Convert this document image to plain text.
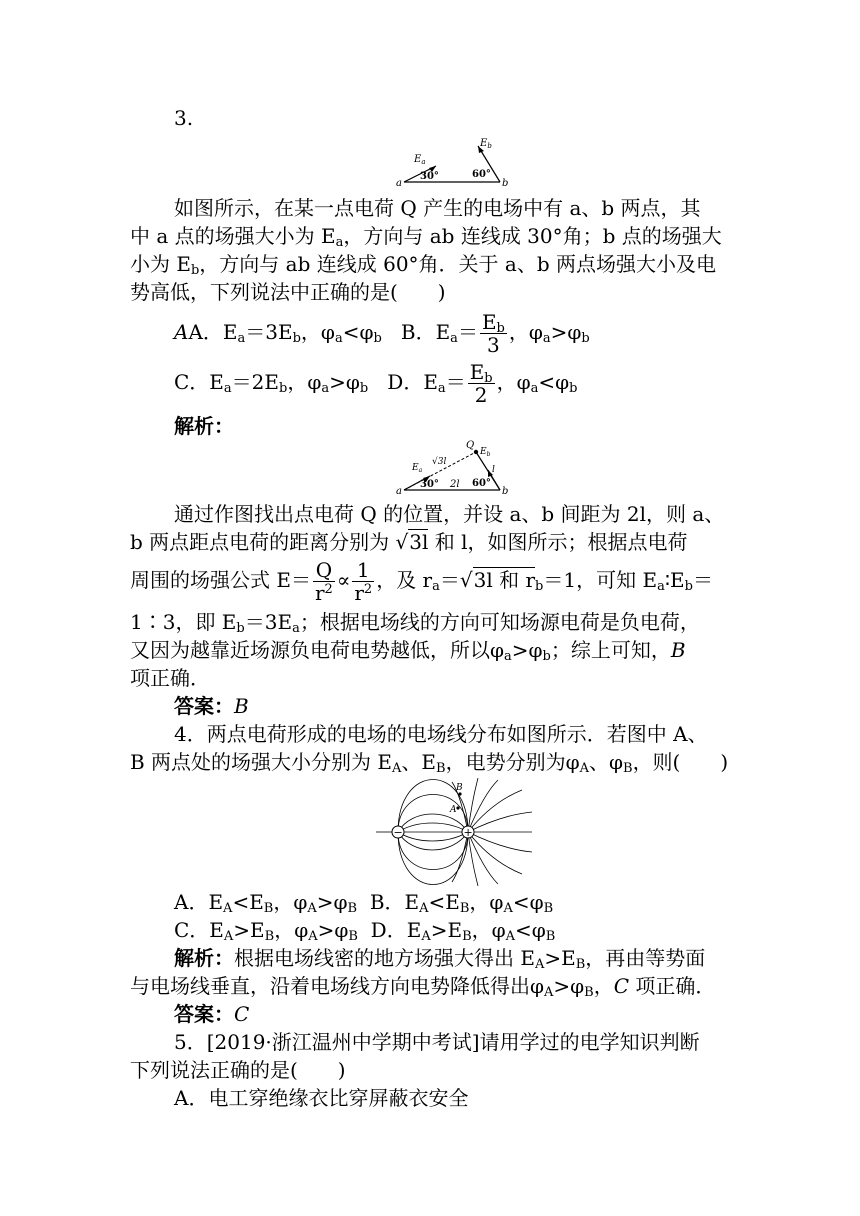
3.
$E_a$
$E_b$
30°	60°
a	b
如图所示，在某一点电荷 Q 产生的电场中有 a、b 两点，其
中 a 点的场强大小为 $E_a$，方向与 ab 连线成 30°角；b 点的场强大
小为 $E_b$，方向与 ab 连线成 60°角．关于 a、b 两点场强大小及电
势高低，下列说法中正确的是(　　)
AA．$E_a=3E_b$，$\varphi_a<\varphi_b$ B．$E_a= \frac{E_b}{3}$ ，$\varphi_a>\varphi_b$
C．$E_a=2E_b$，$\varphi_a>\varphi_b$ D．$E_a= \frac{E_b}{2}$ ，$\varphi_a<\varphi_b$
解析：
Q
$E_b$
$E_a$
√3l
l
30° 2l 60°
a	b
通过作图找出点电荷 Q 的位置，并设 a、b 间距为 2l，则 a、
b 两点距点电荷的距离分别为 √3l 和 l，如图所示；根据点电荷
周围的场强公式 $E= \frac{Q}{r^2} \propto \frac{1}{r^2}$ ，及 $r_a=√3l$ 和 $r_b=1$，可知 $E_a∶E_b=$
1∶3，即 $E_b=3E_a$；根据电场线的方向可知场源电荷是负电荷，
又因为越靠近场源负电荷电势越低，所以$\varphi_a>\varphi_b$；综上可知，B
项正确．
答案：B
4．两点电荷形成的电场的电场线分布如图所示．若图中 A、
B 两点处的场强大小分别为 $E_A$、$E_B$，电势分别为$\varphi_A$、$\varphi_B$，则(　　)
−	+
A
B
A．$E_A<E_B$，$\varphi_A>\varphi_B$ B．$E_A<E_B$，$\varphi_A<\varphi_B$
C．$E_A>E_B$，$\varphi_A>\varphi_B$ D．$E_A>E_B$，$\varphi_A<\varphi_B$
解析：根据电场线密的地方场强大得出 $E_A>E_B$，再由等势面
与电场线垂直，沿着电场线方向电势降低得出$\varphi_A>\varphi_B$，C 项正确．
答案：C
5．[2019·浙江温州中学期中考试]请用学过的电学知识判断
下列说法正确的是(　　)
A．电工穿绝缘衣比穿屏蔽衣安全
